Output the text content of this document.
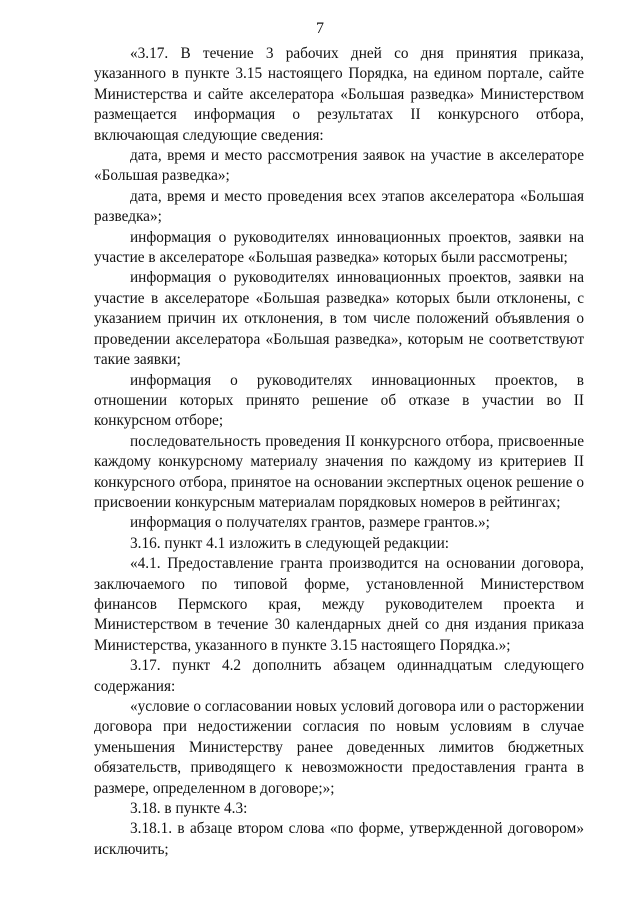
7

«3.17. В течение 3 рабочих дней со дня принятия приказа, указанного в пункте 3.15 настоящего Порядка, на едином портале, сайте Министерства и сайте акселератора «Большая разведка» Министерством размещается информация о результатах II конкурсного отбора, включающая следующие сведения:

дата, время и место рассмотрения заявок на участие в акселераторе «Большая разведка»;

дата, время и место проведения всех этапов акселератора «Большая разведка»;

информация о руководителях инновационных проектов, заявки на участие в акселераторе «Большая разведка» которых были рассмотрены;

информация о руководителях инновационных проектов, заявки на участие в акселераторе «Большая разведка» которых были отклонены, с указанием причин их отклонения, в том числе положений объявления о проведении акселератора «Большая разведка», которым не соответствуют такие заявки;

информация о руководителях инновационных проектов, в отношении которых принято решение об отказе в участии во II конкурсном отборе;

последовательность проведения II конкурсного отбора, присвоенные каждому конкурсному материалу значения по каждому из критериев II конкурсного отбора, принятое на основании экспертных оценок решение о присвоении конкурсным материалам порядковых номеров в рейтингах;

информация о получателях грантов, размере грантов.»;

3.16. пункт 4.1 изложить в следующей редакции:

«4.1. Предоставление гранта производится на основании договора, заключаемого по типовой форме, установленной Министерством финансов Пермского края, между руководителем проекта и Министерством в течение 30 календарных дней со дня издания приказа Министерства, указанного в пункте 3.15 настоящего Порядка.»;

3.17. пункт 4.2 дополнить абзацем одиннадцатым следующего содержания:

«условие о согласовании новых условий договора или о расторжении договора при недостижении согласия по новым условиям в случае уменьшения Министерству ранее доведенных лимитов бюджетных обязательств, приводящего к невозможности предоставления гранта в размере, определенном в договоре;»;

3.18. в пункте 4.3:

3.18.1. в абзаце втором слова «по форме, утвержденной договором» исключить;
